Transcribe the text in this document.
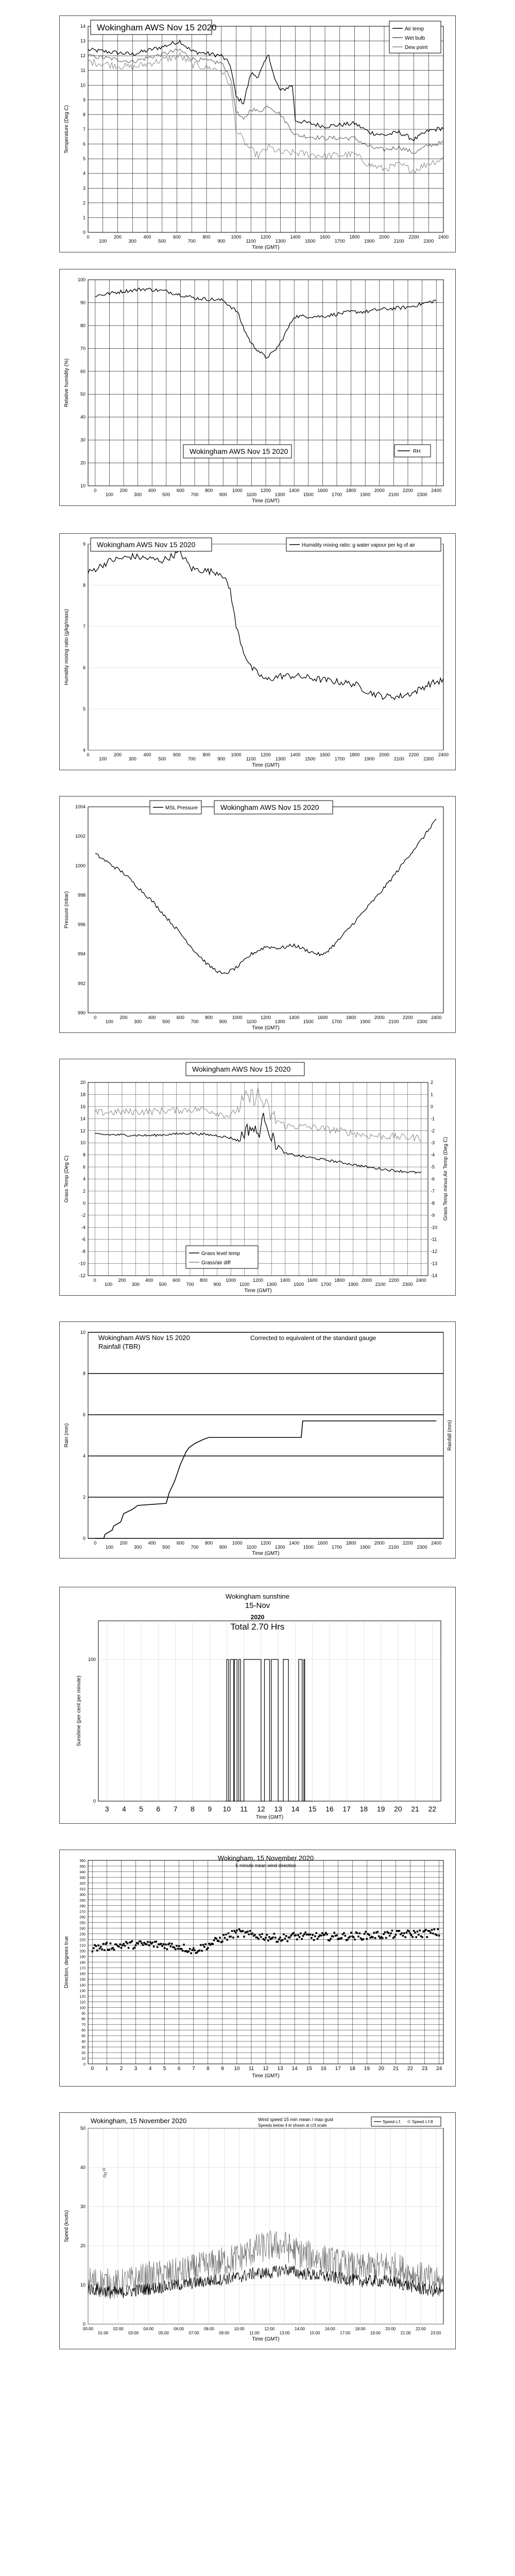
0
1
2
3
4
5
6
7
8
9
10
11
12
13
14
0
100
200
300
400
500
600
700
800
900
1000
1100
1200
1300
1400
1500
1600
1700
1800
1900
2000
2100
2200
2300
2400
Time (GMT)
Temperature (Deg C)
Wokingham AWS Nov 15 2020	Air temp
Wet bulb
Dew point
10
20
30
40
50
60
70
80
90
100
0
100
200
300
400
500
600
700
800
900
1000
1100
1200
1300
1400
1500
1600
1700
1800
1900
2000
2100
2200
2300
2400
Time (GMT)
Relative humidity (%)
Wokingham AWS Nov 15 2020	RH
4
5
6
7
8
9
0
100
200
300
400
500
600
700
800
900
1000
1100
1200
1300
1400
1500
1600
1700
1800
1900
2000
2100
2200
2300
2400
Time (GMT)
Humidity mixing ratio (g/kg/mass)
Wokingham AWS Nov 15 2020	Humidity mixing ratio: g water vapour per kg of air
990
992
994
996
998
1000
1002
1004
0
100
200
300
400
500
600
700
800
900
1000
1100
1200
1300
1400
1500
1600
1700
1800
1900
2000
2100
2200
2300
2400
Time (GMT)
Pressure (mbar)
MSL Pressure	Wokingham AWS Nov 15 2020
-12
-10
-8
-6
-4
-2
0
2
4
6
8
10
12
14
16
18
20
0
100
200
300
400
500
600
700
800
900
1000
1100
1200
1300
1400
1500
1600
1700
1800
1900
2000
2100
2200
2300
2400
Time (GMT)
Grass Temp (Deg C)
-14
-13
-12
-11
-10
-9
-8
-7
-6
-5
-4
-3
-2
-1
0
1
2
Grass Temp minus Air Temp (Deg C)
Wokingham AWS Nov 15 2020
Grass level temp
Grass/air diff
0
2
4
6
8
10
0
100
200
300
400
500
600
700
800
900
1000
1100
1200
1300
1400
1500
1600
1700
1800
1900
2000
2100
2200
2300
2400
Time (GMT)
Rain (mm)	Rainfall (mm)
Wokingham AWS Nov 15 2020
Rainfall (TBR)
Corrected to equivalent of the standard gauge
0
100
3 4 5 6 7 8 9 10 11 12 13 14 15 16 17 18 19 20 21 22
Time (GMT)
Sunshine (per cent per minute)
Wokingham sunshine
15-Nov
2020
Total 2.70 Hrs
0
10
20
30
40
50
60
70
80
90
100
110
120
130
140
150
160
170
180
190
200
210
220
230
240
250
260
270
280
290
300
310
320
330
340
350
360
0 1 2 3 4 5 6 7 8 9 10 11 12 13 14 15 16 17 18 19 20 21 22 23 24
Time (GMT)
Direction, degrees true
Wokingham, 15 November 2020
5 minute mean wind direction
0
10
20
30
40
50
00:00
01:00
02:00
03:00
04:00
05:00
06:00
07:00
08:00
09:00
10:00
11:00
12:00
13:00
14:00
15:00
16:00
17:00
18:00
19:00
20:00
21:00
22:00
23:00
Time (GMT)
Speed (knots)
Wokingham, 15 November 2020	Wind speed 15 min mean / max gust
Speeds below 4 kt shown at c/3 scale
Speed c.f.	Speed c.f.8
